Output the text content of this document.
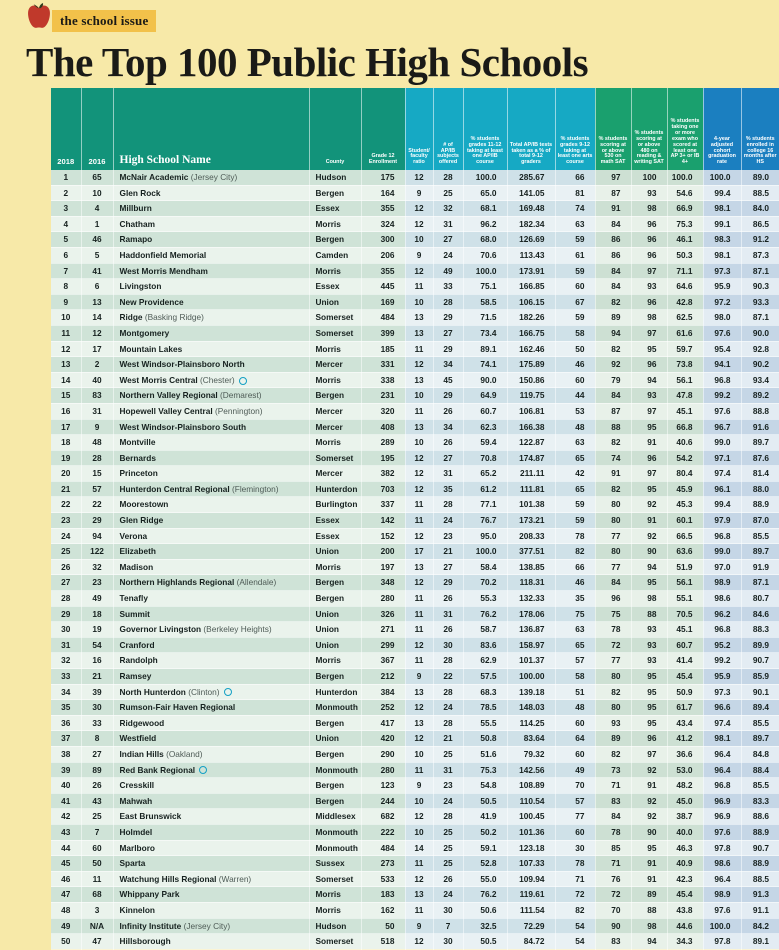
the school issue
The Top 100 Public High Schools
2018	2016	High School Name	County	Grade 12 Enrollment	Student/ faculty ratio	# of AP/IB subjects offered	% students grades 11-12 taking at least one AP/IB course	Total AP/IB tests taken as a % of total 9-12 graders	% students grades 9-12 taking at least one arts course	% students scoring at or above 530 on math SAT	% students scoring at or above 480 on reading & writing SAT	% students taking one or more exam who scored at least one AP 3+ or IB 4+	4-year adjusted cohort graduation rate	% students enrolled in college 16 months after HS
1	65	McNair Academic (Jersey City)	Hudson	175	12	28	100.0	285.67	66	97	100	100.0	100.0	89.0
2	10	Glen Rock	Bergen	164	9	25	65.0	141.05	81	87	93	54.6	99.4	88.5
3	4	Millburn	Essex	355	12	32	68.1	169.48	74	91	98	66.9	98.1	84.0
4	1	Chatham	Morris	324	12	31	96.2	182.34	63	84	96	75.3	99.1	86.5
5	46	Ramapo	Bergen	300	10	27	68.0	126.69	59	86	96	46.1	98.3	91.2
6	5	Haddonfield Memorial	Camden	206	9	24	70.6	113.43	61	86	96	50.3	98.1	87.3
7	41	West Morris Mendham	Morris	355	12	49	100.0	173.91	59	84	97	71.1	97.3	87.1
8	6	Livingston	Essex	445	11	33	75.1	166.85	60	84	93	64.6	95.9	90.3
9	13	New Providence	Union	169	10	28	58.5	106.15	67	82	96	42.8	97.2	93.3
10	14	Ridge (Basking Ridge)	Somerset	484	13	29	71.5	182.26	59	89	98	62.5	98.0	87.1
11	12	Montgomery	Somerset	399	13	27	73.4	166.75	58	94	97	61.6	97.6	90.0
12	17	Mountain Lakes	Morris	185	11	29	89.1	162.46	50	82	95	59.7	95.4	92.8
13	2	West Windsor-Plainsboro North	Mercer	331	12	34	74.1	175.89	46	92	96	73.8	94.1	90.2
14	40	West Morris Central (Chester)	Morris	338	13	45	90.0	150.86	60	79	94	56.1	96.8	93.4
15	83	Northern Valley Regional (Demarest)	Bergen	231	10	29	64.9	119.75	44	84	93	47.8	99.2	89.2
16	31	Hopewell Valley Central (Pennington)	Mercer	320	11	26	60.7	106.81	53	87	97	45.1	97.6	88.8
17	9	West Windsor-Plainsboro South	Mercer	408	13	34	62.3	166.38	48	88	95	66.8	96.7	91.6
18	48	Montville	Morris	289	10	26	59.4	122.87	63	82	91	40.6	99.0	89.7
19	28	Bernards	Somerset	195	12	27	70.8	174.87	65	74	96	54.2	97.1	87.6
20	15	Princeton	Mercer	382	12	31	65.2	211.11	42	91	97	80.4	97.4	81.4
21	57	Hunterdon Central Regional (Flemington)	Hunterdon	703	12	35	61.2	111.81	65	82	95	45.9	96.1	88.0
22	22	Moorestown	Burlington	337	11	28	77.1	101.38	59	80	92	45.3	99.4	88.9
23	29	Glen Ridge	Essex	142	11	24	76.7	173.21	59	80	91	60.1	97.9	87.0
24	94	Verona	Essex	152	12	23	95.0	208.33	78	77	92	66.5	96.8	85.5
25	122	Elizabeth	Union	200	17	21	100.0	377.51	82	80	90	63.6	99.0	89.7
26	32	Madison	Morris	197	13	27	58.4	138.85	66	77	94	51.9	97.0	91.9
27	23	Northern Highlands Regional (Allendale)	Bergen	348	12	29	70.2	118.31	46	84	95	56.1	98.9	87.1
28	49	Tenafly	Bergen	280	11	26	55.3	132.33	35	96	98	55.1	98.6	80.7
29	18	Summit	Union	326	11	31	76.2	178.06	75	75	88	70.5	96.2	84.6
30	19	Governor Livingston (Berkeley Heights)	Union	271	11	26	58.7	136.87	63	78	93	45.1	96.8	88.3
31	54	Cranford	Union	299	12	30	83.6	158.97	65	72	93	60.7	95.2	89.9
32	16	Randolph	Morris	367	11	28	62.9	101.37	57	77	93	41.4	99.2	90.7
33	21	Ramsey	Bergen	212	9	22	57.5	100.00	58	80	95	45.4	95.9	85.9
34	39	North Hunterdon (Clinton)	Hunterdon	384	13	28	68.3	139.18	51	82	95	50.9	97.3	90.1
35	30	Rumson-Fair Haven Regional	Monmouth	252	12	24	78.5	148.03	48	80	95	61.7	96.6	89.4
36	33	Ridgewood	Bergen	417	13	28	55.5	114.25	60	93	95	43.4	97.4	85.5
37	8	Westfield	Union	420	12	21	50.8	83.64	64	89	96	41.2	98.1	89.7
38	27	Indian Hills (Oakland)	Bergen	290	10	25	51.6	79.32	60	82	97	36.6	96.4	84.8
39	89	Red Bank Regional	Monmouth	280	11	31	75.3	142.56	49	73	92	53.0	96.4	88.4
40	26	Cresskill	Bergen	123	9	23	54.8	108.89	70	71	91	48.2	96.8	85.5
41	43	Mahwah	Bergen	244	10	24	50.5	110.54	57	83	92	45.0	96.9	83.3
42	25	East Brunswick	Middlesex	682	12	28	41.9	100.45	77	84	92	38.7	96.9	88.6
43	7	Holmdel	Monmouth	222	10	25	50.2	101.36	60	78	90	40.0	97.6	88.9
44	60	Marlboro	Monmouth	484	14	25	59.1	123.18	30	85	95	46.3	97.8	90.7
45	50	Sparta	Sussex	273	11	25	52.8	107.33	78	71	91	40.9	98.6	88.9
46	11	Watchung Hills Regional (Warren)	Somerset	533	12	26	55.0	109.94	71	76	91	42.3	96.4	88.5
47	68	Whippany Park	Morris	183	13	24	76.2	119.61	72	72	89	45.4	98.9	91.3
48	3	Kinnelon	Morris	162	11	30	50.6	111.54	82	70	88	43.8	97.6	91.1
49	N/A	Infinity Institute (Jersey City)	Hudson	50	9	7	32.5	72.29	54	90	98	44.6	100.0	84.2
50	47	Hillsborough	Somerset	518	12	30	50.5	84.72	54	83	94	34.3	97.8	89.1
